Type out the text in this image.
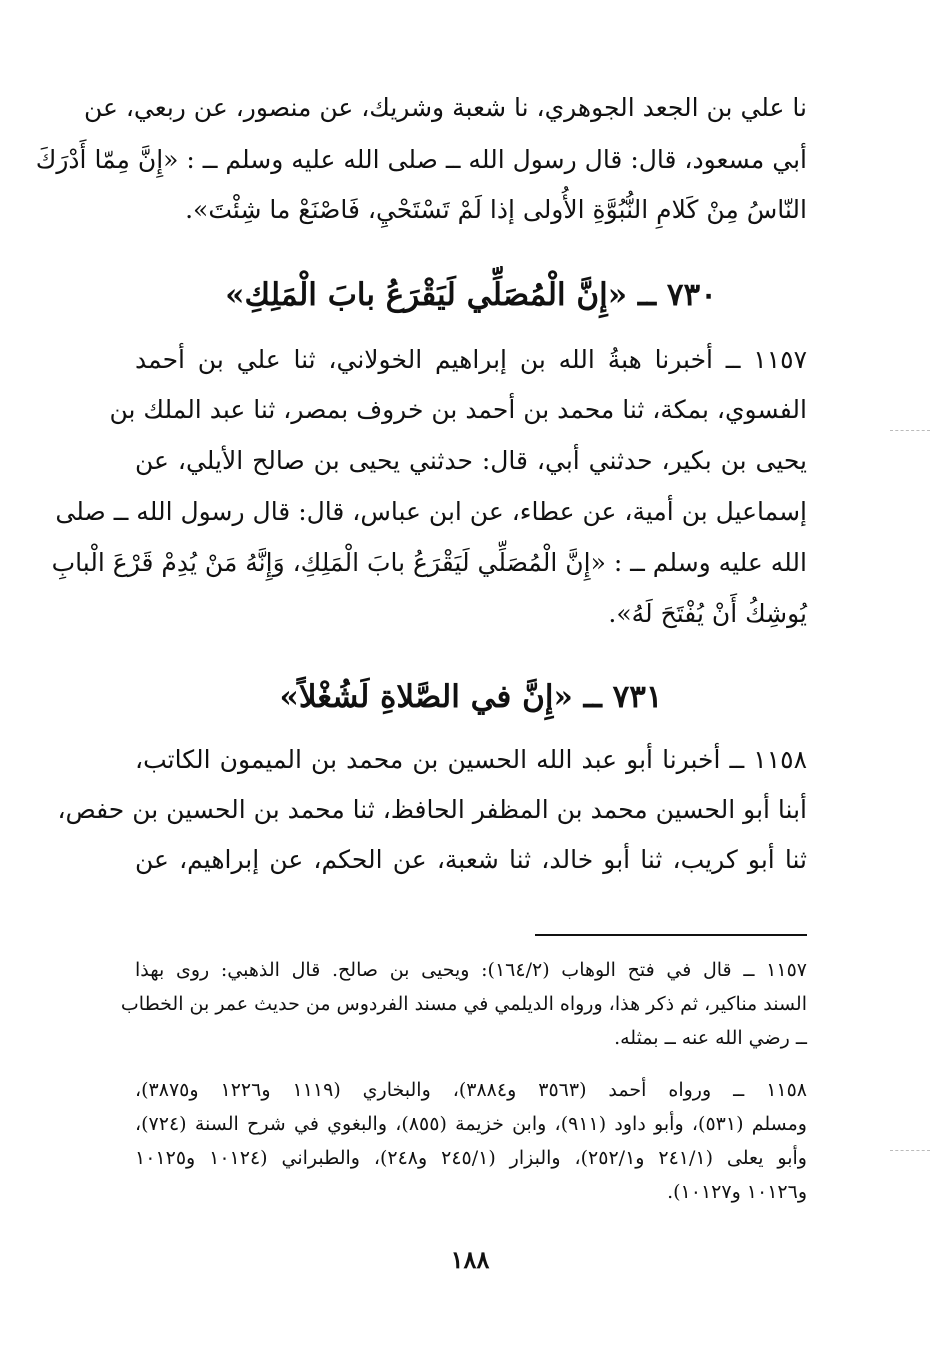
نا علي بن الجعد الجوهري، نا شعبة وشريك، عن منصور، عن ربعي، عن
أبي مسعود، قال: قال رسول الله ــ صلى الله عليه وسلم ــ : «إِنَّ مِمّا أَدْرَكَ
النّاسُ مِنْ كَلامِ النُّبُوَّةِ الأُولى إذا لَمْ تَسْتَحْيِ، فَاصْنَعْ ما شِئْتَ».
٧٣٠ ــ «إِنَّ الْمُصَلِّي لَيَقْرَعُ بابَ الْمَلِكِ»
١١٥٧ ــ أخبرنا هبةُ الله بن إبراهيم الخولاني، ثنا علي بن أحمد
الفسوي، بمكة، ثنا محمد بن أحمد بن خروف بمصر، ثنا عبد الملك بن
يحيى بن بكير، حدثني أبي، قال: حدثني يحيى بن صالح الأيلي، عن
إسماعيل بن أمية، عن عطاء، عن ابن عباس، قال: قال رسول الله ــ صلى
الله عليه وسلم ــ : «إِنَّ الْمُصَلِّي لَيَقْرَعُ بابَ الْمَلِكِ، وَإِنَّهُ مَنْ يُدِمْ قَرْعَ الْبابِ
يُوشِكُ أَنْ يُفْتَحَ لَهُ».
٧٣١ ــ «إِنَّ في الصَّلاةِ لَشُغْلاً»
١١٥٨ ــ أخبرنا أبو عبد الله الحسين بن محمد بن الميمون الكاتب،
أبنا أبو الحسين محمد بن المظفر الحافظ، ثنا محمد بن الحسين بن حفص،
ثنا أبو كريب، ثنا أبو خالد، ثنا شعبة، عن الحكم، عن إبراهيم، عن
١١٥٧ ــ قال في فتح الوهاب (١٦٤/٢): ويحيى بن صالح. قال الذهبي: روى بهذا
السند مناكير، ثم ذكر هذا، ورواه الديلمي في مسند الفردوس من حديث عمر بن الخطاب
ــ رضي الله عنه ــ بمثله.
١١٥٨ ــ ورواه أحمد (٣٥٦٣ و٣٨٨٤)، والبخاري (١١١٩ و١٢٢٦ و٣٨٧٥)،
ومسلم (٥٣١)، وأبو داود (٩١١)، وابن خزيمة (٨٥٥)، والبغوي في شرح السنة (٧٢٤)،
وأبو يعلى (٢٤١/١ و٢٥٢/١)، والبزار (٢٤٥/١ و٢٤٨)، والطبراني (١٠١٢٤ و١٠١٢٥
و١٠١٢٦ و١٠١٢٧).
١٨٨
